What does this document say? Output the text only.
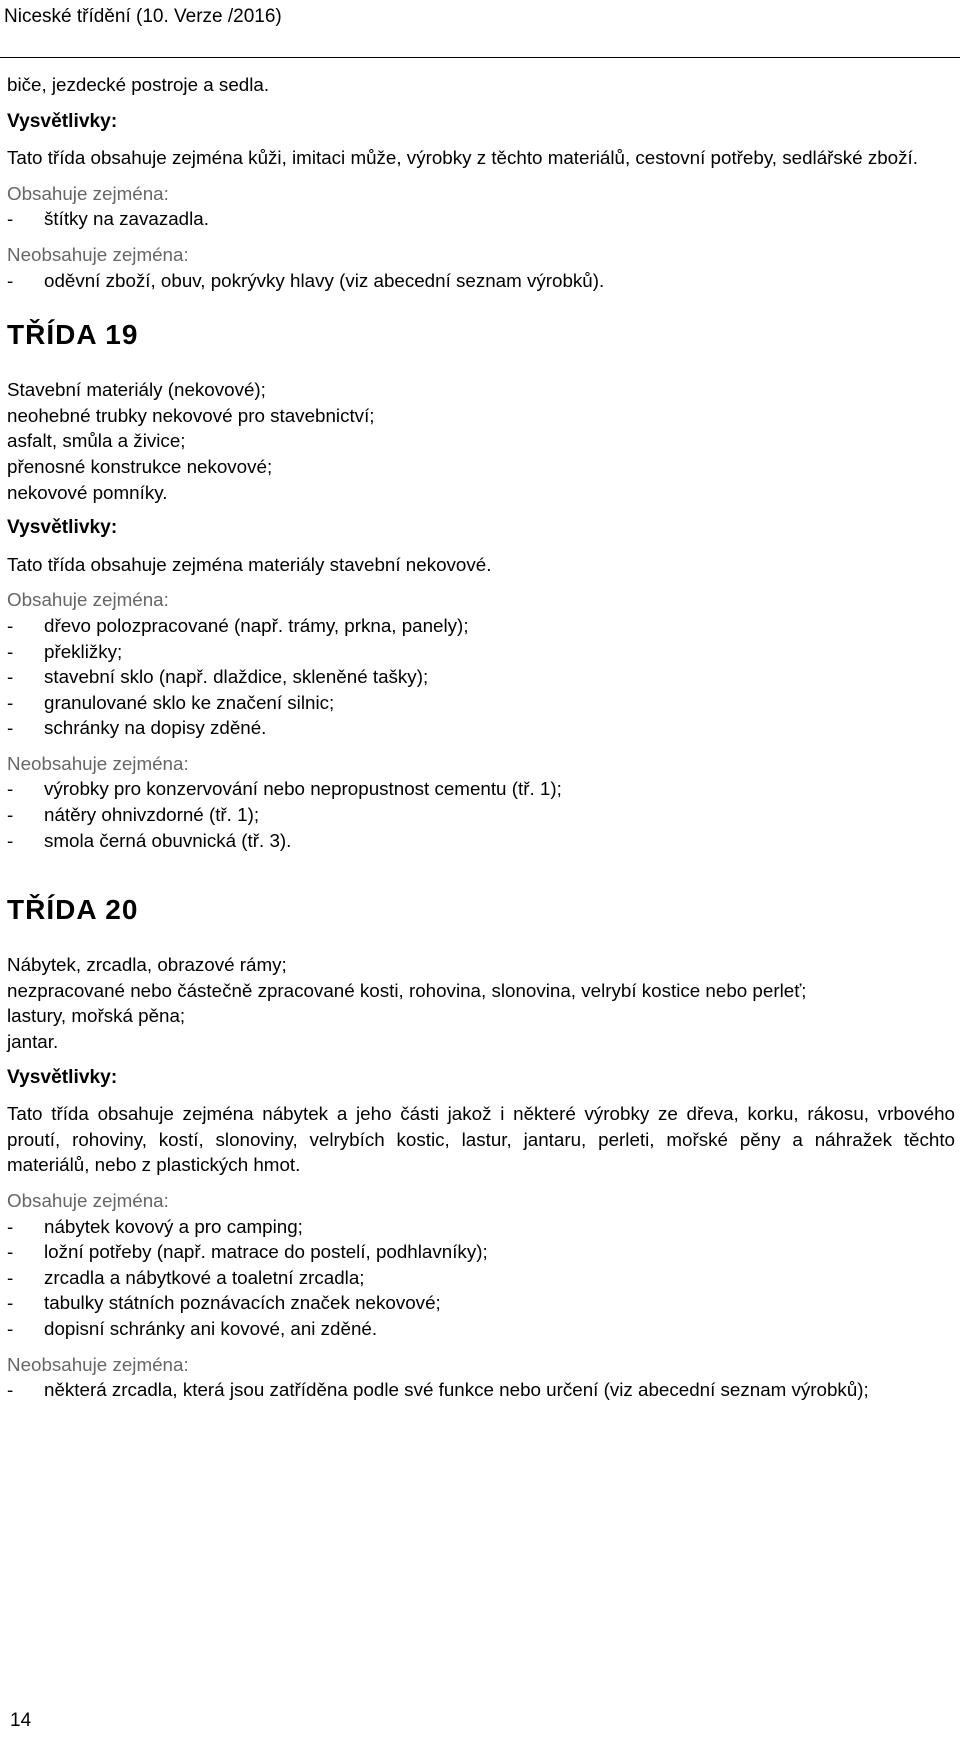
Niceské třídění (10. Verze /2016)

biče, jezdecké postroje a sedla.

Vysvětlivky:

Tato třída obsahuje zejména kůži, imitaci může, výrobky z těchto materiálů, cestovní potřeby, sedlářské zboží.

Obsahuje zejména:

- štítky na zavazadla.

Neobsahuje zejména:

- oděvní zboží, obuv, pokrývky hlavy (viz abecední seznam výrobků).

TŘÍDA 19

Stavební materiály (nekovové);

neohebné trubky nekovové pro stavebnictví;

asfalt, smůla a živice;

přenosné konstrukce nekovové;

nekovové pomníky.

Vysvětlivky:

Tato třída obsahuje zejména materiály stavební nekovové.

Obsahuje zejména:

- dřevo polozpracované (např. trámy, prkna, panely);
- překližky;
- stavební sklo (např. dlaždice, skleněné tašky);
- granulované sklo ke značení silnic;
- schránky na dopisy zděné.

Neobsahuje zejména:

- výrobky pro konzervování nebo nepropustnost cementu (tř. 1);
- nátěry ohnivzdorné (tř. 1);
- smola černá obuvnická (tř. 3).

TŘÍDA 20

Nábytek, zrcadla, obrazové rámy;

nezpracované nebo částečně zpracované kosti, rohovina, slonovina, velrybí kostice nebo perleť;

lastury, mořská pěna;

jantar.

Vysvětlivky:

Tato třída obsahuje zejména nábytek a jeho části jakož i některé výrobky ze dřeva, korku, rákosu, vrbového proutí, rohoviny, kostí, slonoviny, velrybích kostic, lastur, jantaru, perleti, mořské pěny a náhražek těchto materiálů, nebo z plastických hmot.

Obsahuje zejména:

- nábytek kovový a pro camping;
- ložní potřeby (např. matrace do postelí, podhlavníky);
- zrcadla a nábytkové a toaletní zrcadla;
- tabulky státních poznávacích značek nekovové;
- dopisní schránky ani kovové, ani zděné.

Neobsahuje zejména:

- některá zrcadla, která jsou zatříděna podle své funkce nebo určení (viz abecední seznam výrobků);
14
